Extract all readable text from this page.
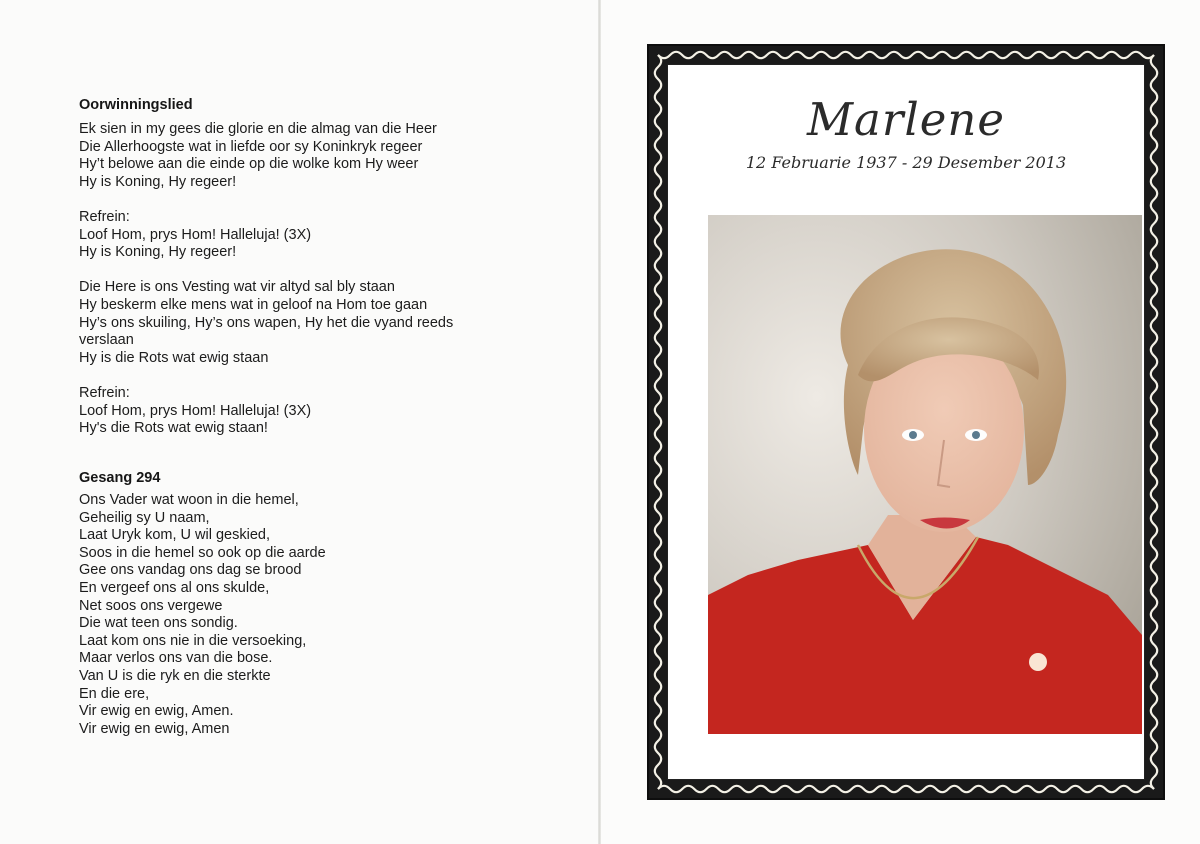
Oorwinningslied
Ek sien in my gees die glorie en die almag van die Heer
Die Allerhoogste wat in liefde oor sy Koninkryk regeer
Hy’t belowe aan die einde op die wolke kom Hy weer
Hy is Koning, Hy regeer!
Refrein:
Loof Hom, prys Hom! Halleluja! (3X)
Hy is Koning, Hy regeer!
Die Here is ons Vesting wat vir altyd sal bly staan
Hy beskerm elke mens wat in geloof na Hom toe gaan
Hy’s ons skuiling, Hy’s ons wapen, Hy het die vyand reeds
verslaan
Hy is die Rots wat ewig staan
Refrein:
Loof Hom, prys Hom! Halleluja! (3X)
Hy's die Rots wat ewig staan!
Gesang 294
Ons Vader wat woon in die hemel,
Geheilig sy U naam,
Laat Uryk kom, U wil geskied,
Soos in die hemel so ook op die aarde
Gee ons vandag ons dag se brood
En vergeef ons al ons skulde,
Net soos ons vergewe
Die wat teen ons sondig.
Laat kom ons nie in die versoeking,
Maar verlos ons van die bose.
Van U is die ryk en die sterkte
En die ere,
Vir ewig en ewig, Amen.
Vir ewig en ewig, Amen
Marlene

12 Februarie 1937 - 29 Desember 2013
